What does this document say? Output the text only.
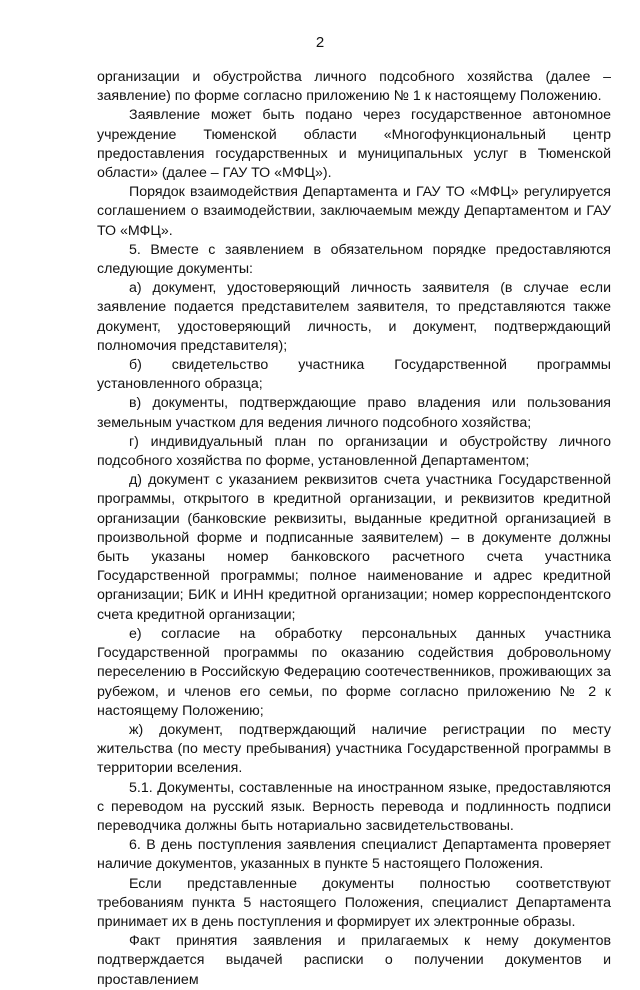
2

организации и обустройства личного подсобного хозяйства (далее – заявление) по форме согласно приложению № 1 к настоящему Положению.

Заявление может быть подано через государственное автономное учреждение Тюменской области «Многофункциональный центр предоставления государственных и муниципальных услуг в Тюменской области» (далее – ГАУ ТО «МФЦ»).

Порядок взаимодействия Департамента и ГАУ ТО «МФЦ» регулируется соглашением о взаимодействии, заключаемым между Департаментом и ГАУ ТО «МФЦ».

5. Вместе с заявлением в обязательном порядке предоставляются следующие документы:

а) документ, удостоверяющий личность заявителя (в случае если заявление подается представителем заявителя, то представляются также документ, удостоверяющий личность, и документ, подтверждающий полномочия представителя);

б) свидетельство участника Государственной программы установленного образца;

в) документы, подтверждающие право владения или пользования земельным участком для ведения личного подсобного хозяйства;

г) индивидуальный план по организации и обустройству личного подсобного хозяйства по форме, установленной Департаментом;

д) документ с указанием реквизитов счета участника Государственной программы, открытого в кредитной организации, и реквизитов кредитной организации (банковские реквизиты, выданные кредитной организацией в произвольной форме и подписанные заявителем) – в документе должны быть указаны номер банковского расчетного счета участника Государственной программы; полное наименование и адрес кредитной организации; БИК и ИНН кредитной организации; номер корреспондентского счета кредитной организации;

е) согласие на обработку персональных данных участника Государственной программы по оказанию содействия добровольному переселению в Российскую Федерацию соотечественников, проживающих за рубежом, и членов его семьи, по форме согласно приложению № 2 к настоящему Положению;

ж) документ, подтверждающий наличие регистрации по месту жительства (по месту пребывания) участника Государственной программы в территории вселения.

5.1. Документы, составленные на иностранном языке, предоставляются с переводом на русский язык. Верность перевода и подлинность подписи переводчика должны быть нотариально засвидетельствованы.

6. В день поступления заявления специалист Департамента проверяет наличие документов, указанных в пункте 5 настоящего Положения.

Если представленные документы полностью соответствуют требованиям пункта 5 настоящего Положения, специалист Департамента принимает их в день поступления и формирует их электронные образы.

Факт принятия заявления и прилагаемых к нему документов подтверждается выдачей расписки о получении документов и проставлением
